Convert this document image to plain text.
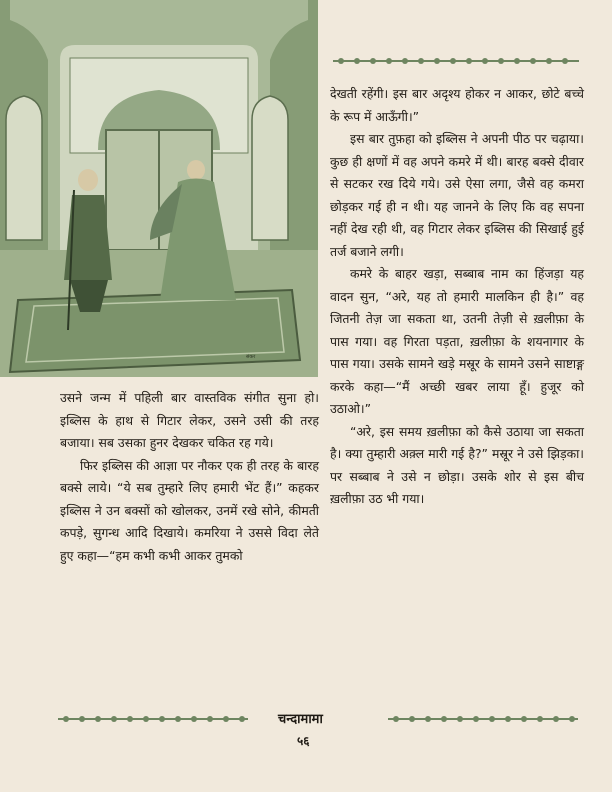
संकर

देखती रहेंगी। इस बार अदृश्य होकर न आकर, छोटे बच्चे के रूप में आऊँगी।”

इस बार तुफ़हा को इब्लिस ने अपनी पीठ पर चढ़ाया। कुछ ही क्षणों में वह अपने कमरे में थी। बारह बक्से दीवार से सटकर रख दिये गये। उसे ऐसा लगा, जैसे वह कमरा छोड़कर गई ही न थी। यह जानने के लिए कि वह सपना नहीं देख रही थी, वह गिटार लेकर इब्लिस की सिखाई हुई तर्ज बजाने लगी।

कमरे के बाहर खड़ा, सब्बाब नाम का हिंजड़ा यह वादन सुन, “अरे, यह तो हमारी मालकिन ही है।” वह जितनी तेज़ जा सकता था, उतनी तेज़ी से ख़लीफ़ा के पास गया। वह गिरता पड़ता, ख़लीफ़ा के शयनागार के पास गया। उसके सामने खड़े मस्रूर के सामने उसने साष्टाङ्ग करके कहा—“मैं अच्छी खबर लाया हूँ। हुजूर को उठाओ।”

“अरे, इस समय ख़लीफ़ा को कैसे उठाया जा सकता है। क्या तुम्हारी अक़्ल मारी गई है?” मस्रूर ने उसे झिड़का। पर सब्बाब ने उसे न छोड़ा। उसके शोर से इस बीच ख़लीफ़ा उठ भी गया।

उसने जन्म में पहिली बार वास्तविक संगीत सुना हो। इब्लिस के हाथ से गिटार लेकर, उसने उसी की तरह बजाया। सब उसका हुनर देखकर चकित रह गये।

फिर इब्लिस की आज्ञा पर नौकर एक ही तरह के बारह बक्से लाये। “ये सब तुम्हारे लिए हमारी भेंट हैं।” कहकर इब्लिस ने उन बक्सों को खोलकर, उनमें रखे सोने, कीमती कपड़े, सुगन्ध आदि दिखाये। कमरिया ने उससे विदा लेते हुए कहा—“हम कभी कभी आकर तुमको

चन्दामामा
५६
